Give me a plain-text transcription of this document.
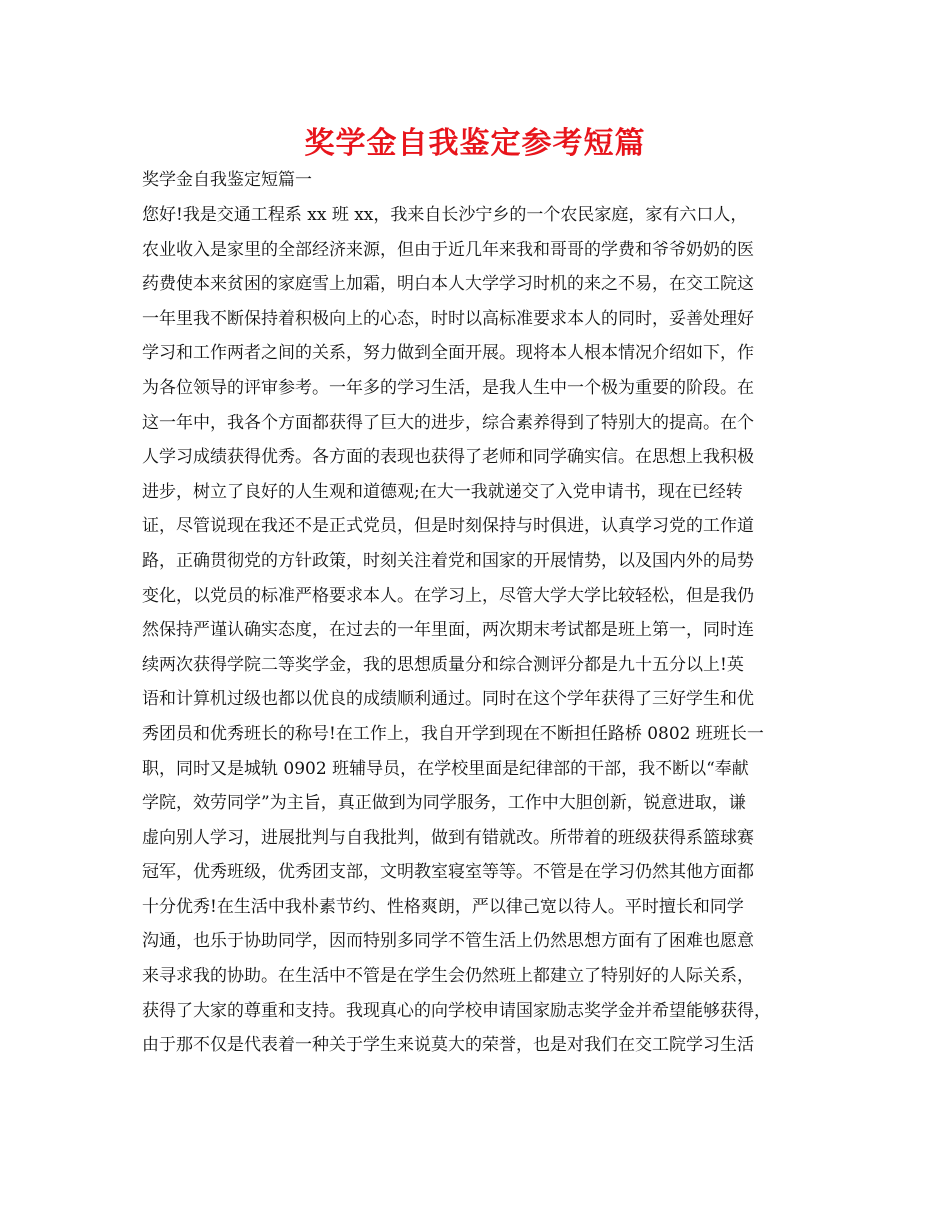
奖学金自我鉴定参考短篇

奖学金自我鉴定短篇一

您好!我是交通工程系 xx 班 xx，我来自长沙宁乡的一个农民家庭，家有六口人，
农业收入是家里的全部经济来源，但由于近几年来我和哥哥的学费和爷爷奶奶的医
药费使本来贫困的家庭雪上加霜，明白本人大学学习时机的来之不易，在交工院这
一年里我不断保持着积极向上的心态，时时以高标准要求本人的同时，妥善处理好
学习和工作两者之间的关系，努力做到全面开展。现将本人根本情况介绍如下，作
为各位领导的评审参考。一年多的学习生活，是我人生中一个极为重要的阶段。在
这一年中，我各个方面都获得了巨大的进步，综合素养得到了特别大的提高。在个
人学习成绩获得优秀。各方面的表现也获得了老师和同学确实信。在思想上我积极
进步，树立了良好的人生观和道德观;在大一我就递交了入党申请书，现在已经转
证，尽管说现在我还不是正式党员，但是时刻保持与时俱进，认真学习党的工作道
路，正确贯彻党的方针政策，时刻关注着党和国家的开展情势，以及国内外的局势
变化，以党员的标准严格要求本人。在学习上，尽管大学大学比较轻松，但是我仍
然保持严谨认确实态度，在过去的一年里面，两次期末考试都是班上第一，同时连
续两次获得学院二等奖学金，我的思想质量分和综合测评分都是九十五分以上!英
语和计算机过级也都以优良的成绩顺利通过。同时在这个学年获得了三好学生和优
秀团员和优秀班长的称号!在工作上，我自开学到现在不断担任路桥 0802 班班长一
职，同时又是城轨 0902 班辅导员，在学校里面是纪律部的干部，我不断以“奉献
学院，效劳同学”为主旨，真正做到为同学服务，工作中大胆创新，锐意进取，谦
虚向别人学习，进展批判与自我批判，做到有错就改。所带着的班级获得系篮球赛
冠军，优秀班级，优秀团支部，文明教室寝室等等。不管是在学习仍然其他方面都
十分优秀!在生活中我朴素节约、性格爽朗，严以律己宽以待人。平时擅长和同学
沟通，也乐于协助同学，因而特别多同学不管生活上仍然思想方面有了困难也愿意
来寻求我的协助。在生活中不管是在学生会仍然班上都建立了特别好的人际关系，
获得了大家的尊重和支持。我现真心的向学校申请国家励志奖学金并希望能够获得，
由于那不仅是代表着一种关于学生来说莫大的荣誉，也是对我们在交工院学习生活
